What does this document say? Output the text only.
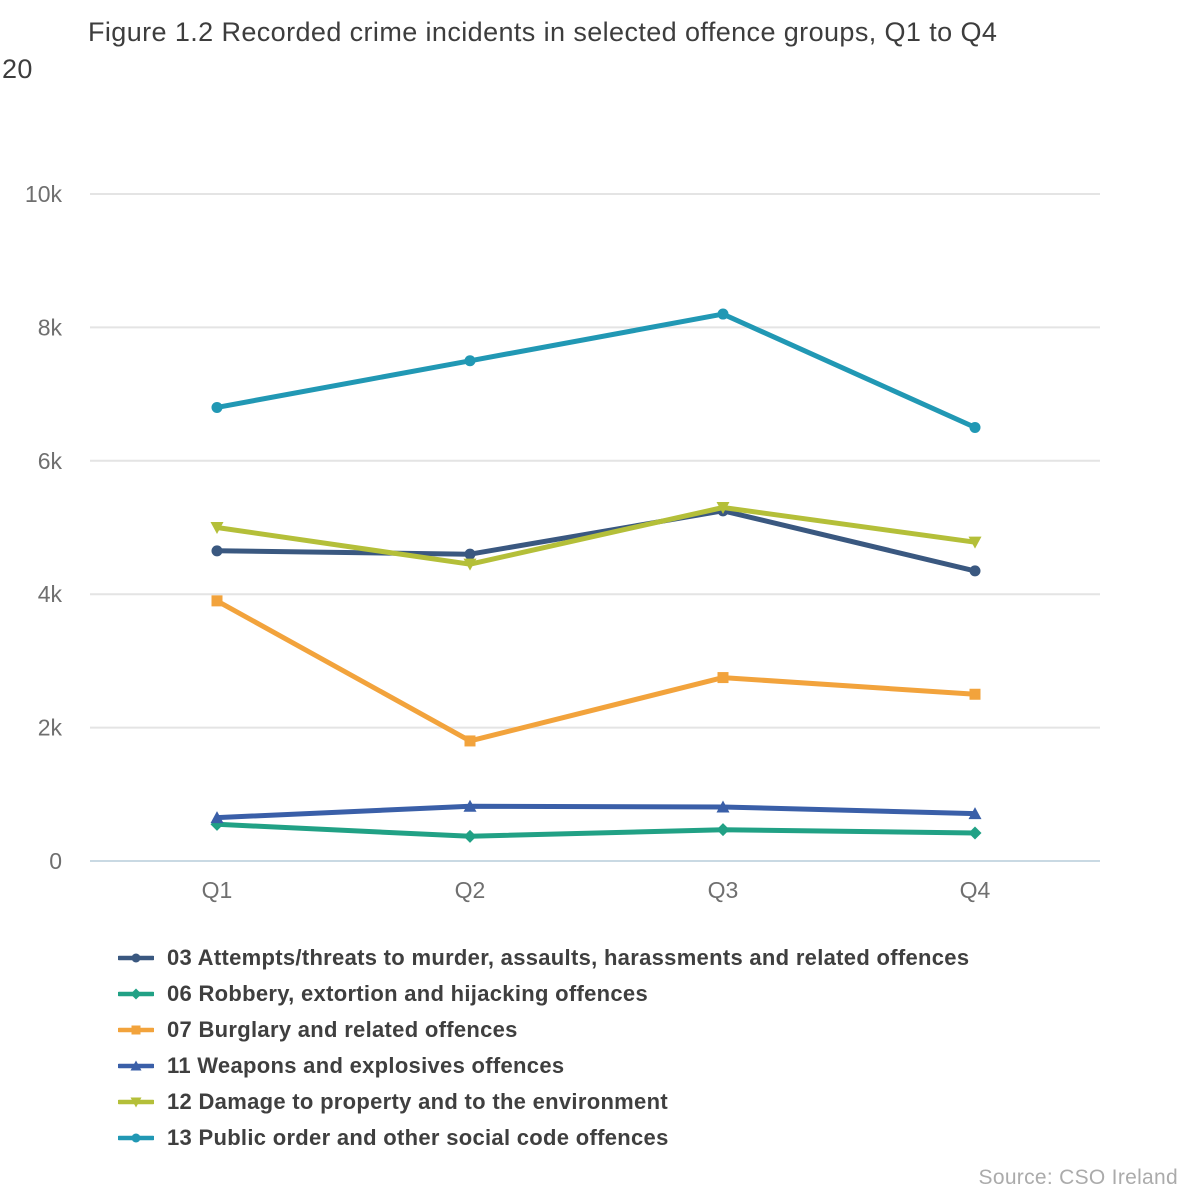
Figure 1.2 Recorded crime incidents in selected offence groups, Q1 to Q4
20
0
2k
4k
6k
8k
10k
Q1	Q2	Q3	Q4
03 Attempts/threats to murder, assaults, harassments and related offences
06 Robbery, extortion and hijacking offences
07 Burglary and related offences
11 Weapons and explosives offences
12 Damage to property and to the environment
13 Public order and other social code offences
Source: CSO Ireland
